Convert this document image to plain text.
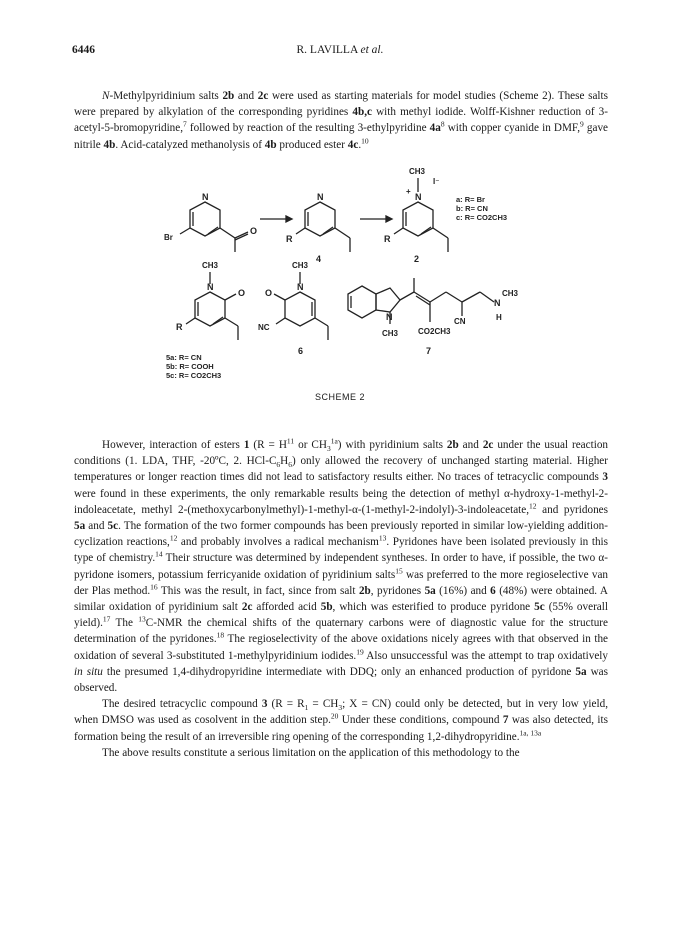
6446	R. LAVILLA et al.

N-Methylpyridinium salts 2b and 2c were used as starting materials for model studies (Scheme 2). These salts were prepared by alkylation of the corresponding pyridines 4b,c with methyl iodide. Wolff-Kishner reduction of 3-acetyl-5-bromopyridine,$^7$ followed by reaction of the resulting 3-ethylpyridine $4a^8$ with copper cyanide in DMF,$^9$ gave nitrile 4b. Acid-catalyzed methanolysis of 4b produced ester 4c.$^{10}$

N
O
Br
N
R
4
N
+
CH3
I⁻
R
2
a: R= Br
b: R= CN
c: R= CO2CH3
N
O
CH3
R
5a: R= CN
5b: R= COOH
5c: R= CO2CH3
N
O
CH3
NC
6
N
CH3 CO2CH3
CN
N
H
CH3
7
5
SCHEME 2

However, interaction of esters 1 ($R = H^{11}$ or $CH_3^{1a}$) with pyridinium salts 2b and 2c under the usual reaction conditions (1. LDA, THF, -20ºC, 2. HCl-$C_6H_6$) only allowed the recovery of unchanged starting material. Higher temperatures or longer reaction times did not lead to satisfactory results either. No traces of tetracyclic compounds 3 were found in these experiments, the only remarkable results being the detection of methyl α-hydroxy-1-methyl-2-indoleacetate, methyl 2-(methoxycarbonylmethyl)-1-methyl-α-(1-methyl-2-indolyl)-3-indoleacetate,$^{12}$ and pyridones 5a and 5c. The formation of the two former compounds has been previously reported in similar low-yielding addition-cyclization reactions,$^{12}$ and probably involves a radical mechanism$^{13}$. Pyridones have been isolated previously in this type of chemistry.$^{14}$ Their structure was determined by independent syntheses. In order to have, if possible, the two α-pyridone isomers, potassium ferricyanide oxidation of pyridinium salts$^{15}$ was preferred to the more regioselective van der Plas method.$^{16}$ This was the result, in fact, since from salt 2b, pyridones 5a (16%) and 6 (48%) were obtained. A similar oxidation of pyridinium salt 2c afforded acid 5b, which was esterified to produce pyridone 5c (55% overall yield).$^{17}$ The $^{13}$C-NMR the chemical shifts of the quaternary carbons were of diagnostic value for the structure determination of the pyridones.$^{18}$ The regioselectivity of the above oxidations nicely agrees with that observed in the oxidation of several 3-substituted 1-methylpyridinium iodides.$^{19}$ Also unsuccessful was the attempt to trap oxidatively in situ the presumed 1,4-dihydropyridine intermediate with DDQ; only an enhanced production of pyridone 5a was observed.

The desired tetracyclic compound 3 ($R = R_1 = CH_3$; X = CN) could only be detected, but in very low yield, when DMSO was used as cosolvent in the addition step.$^{20}$ Under these conditions, compound 7 was also detected, its formation being the result of an irreversible ring opening of the corresponding 1,2-dihydropyridine.$^{1a, 13a}$

The above results constitute a serious limitation on the application of this methodology to the
